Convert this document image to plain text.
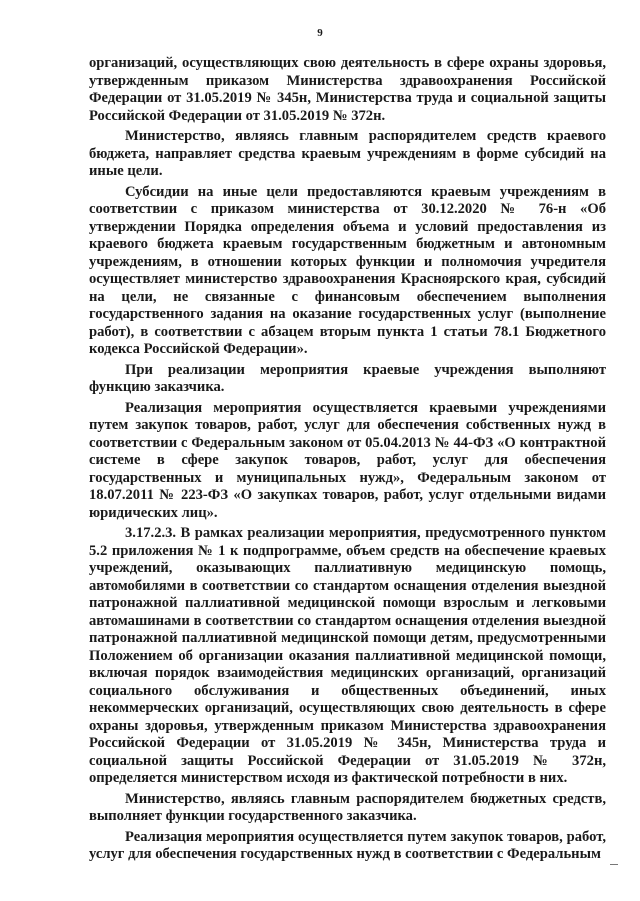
9

организаций, осуществляющих свою деятельность в сфере охраны здоровья, утвержденным приказом Министерства здравоохранения Российской Федерации от 31.05.2019 № 345н, Министерства труда и социальной защиты Российской Федерации от 31.05.2019 № 372н.

Министерство, являясь главным распорядителем средств краевого бюджета, направляет средства краевым учреждениям в форме субсидий на иные цели.

Субсидии на иные цели предоставляются краевым учреждениям в соответствии с приказом министерства от 30.12.2020 № 76-н «Об утверждении Порядка определения объема и условий предоставления из краевого бюджета краевым государственным бюджетным и автономным учреждениям, в отношении которых функции и полномочия учредителя осуществляет министерство здравоохранения Красноярского края, субсидий на цели, не связанные с финансовым обеспечением выполнения государственного задания на оказание государственных услуг (выполнение работ), в соответствии с абзацем вторым пункта 1 статьи 78.1 Бюджетного кодекса Российской Федерации».

При реализации мероприятия краевые учреждения выполняют функцию заказчика.

Реализация мероприятия осуществляется краевыми учреждениями путем закупок товаров, работ, услуг для обеспечения собственных нужд в соответствии с Федеральным законом от 05.04.2013 № 44-ФЗ «О контрактной системе в сфере закупок товаров, работ, услуг для обеспечения государственных и муниципальных нужд», Федеральным законом от 18.07.2011 № 223-ФЗ «О закупках товаров, работ, услуг отдельными видами юридических лиц».

3.17.2.3. В рамках реализации мероприятия, предусмотренного пунктом 5.2 приложения № 1 к подпрограмме, объем средств на обеспечение краевых учреждений, оказывающих паллиативную медицинскую помощь, автомобилями в соответствии со стандартом оснащения отделения выездной патронажной паллиативной медицинской помощи взрослым и легковыми автомашинами в соответствии со стандартом оснащения отделения выездной патронажной паллиативной медицинской помощи детям, предусмотренными Положением об организации оказания паллиативной медицинской помощи, включая порядок взаимодействия медицинских организаций, организаций социального обслуживания и общественных объединений, иных некоммерческих организаций, осуществляющих свою деятельность в сфере охраны здоровья, утвержденным приказом Министерства здравоохранения Российской Федерации от 31.05.2019 № 345н, Министерства труда и социальной защиты Российской Федерации от 31.05.2019 № 372н, определяется министерством исходя из фактической потребности в них.

Министерство, являясь главным распорядителем бюджетных средств, выполняет функции государственного заказчика.

Реализация мероприятия осуществляется путем закупок товаров, работ, услуг для обеспечения государственных нужд в соответствии с Федеральным
